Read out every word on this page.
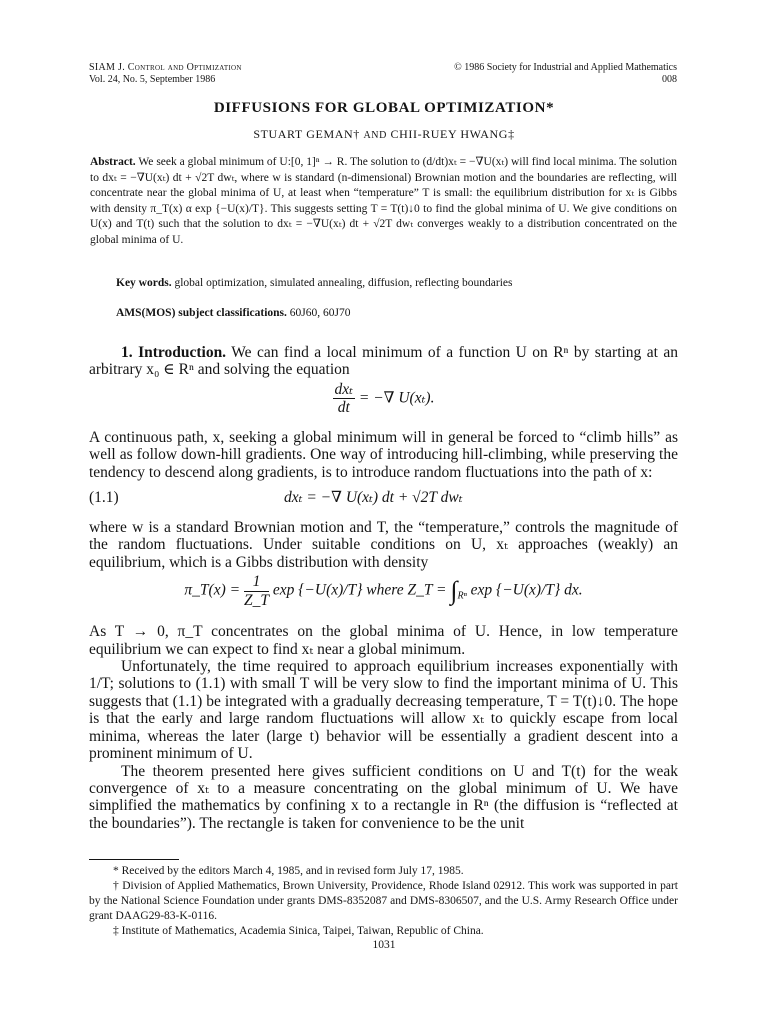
SIAM J. Control and Optimization
Vol. 24, No. 5, September 1986
© 1986 Society for Industrial and Applied Mathematics
008
DIFFUSIONS FOR GLOBAL OPTIMIZATION*
STUART GEMAN† AND CHII-RUEY HWANG‡
Abstract. We seek a global minimum of U:[0, 1]ⁿ → R. The solution to (d/dt)xₜ = −∇U(xₜ) will find local minima. The solution to dxₜ = −∇U(xₜ) dt + √2T dwₜ, where w is standard (n-dimensional) Brownian motion and the boundaries are reflecting, will concentrate near the global minima of U, at least when “temperature” T is small: the equilibrium distribution for xₜ is Gibbs with density π_T(x) α exp {−U(x)/T}. This suggests setting T = T(t)↓0 to find the global minima of U. We give conditions on U(x) and T(t) such that the solution to dxₜ = −∇U(xₜ) dt + √2T dwₜ converges weakly to a distribution concentrated on the global minima of U.
Key words. global optimization, simulated annealing, diffusion, reflecting boundaries
AMS(MOS) subject classifications. 60J60, 60J70

1. Introduction. We can find a local minimum of a function U on Rⁿ by starting at an arbitrary x₀ ∈ Rⁿ and solving the equation

$\frac{\text{dxₜ}}{dt}$ = −∇ U(xₜ).

A continuous path, x, seeking a global minimum will in general be forced to “climb hills” as well as follow down-hill gradients. One way of introducing hill-climbing, while preserving the tendency to descend along gradients, is to introduce random fluctuations into the path of x:

(1.1)	dxₜ = −∇ U(xₜ) dt + √2T dwₜ

where w is a standard Brownian motion and T, the “temperature,” controls the magnitude of the random fluctuations. Under suitable conditions on U, xₜ approaches (weakly) an equilibrium, which is a Gibbs distribution with density

π_T(x) = $\frac{1}{Z\_T}$ exp {−U(x)/T} where Z_T = $\int_{R^n}$ exp {−U(x)/T} dx.

As T → 0, π_T concentrates on the global minima of U. Hence, in low temperature equilibrium we can expect to find xₜ near a global minimum.

Unfortunately, the time required to approach equilibrium increases exponentially with 1/T; solutions to (1.1) with small T will be very slow to find the important minima of U. This suggests that (1.1) be integrated with a gradually decreasing temperature, T = T(t)↓0. The hope is that the early and large random fluctuations will allow xₜ to quickly escape from local minima, whereas the later (large t) behavior will be essentially a gradient descent into a prominent minimum of U.

The theorem presented here gives sufficient conditions on U and T(t) for the weak convergence of xₜ to a measure concentrating on the global minimum of U. We have simplified the mathematics by confining x to a rectangle in Rⁿ (the diffusion is “reflected at the boundaries”). The rectangle is taken for convenience to be the unit

* Received by the editors March 4, 1985, and in revised form July 17, 1985.

† Division of Applied Mathematics, Brown University, Providence, Rhode Island 02912. This work was supported in part by the National Science Foundation under grants DMS-8352087 and DMS-8306507, and the U.S. Army Research Office under grant DAAG29-83-K-0116.

‡ Institute of Mathematics, Academia Sinica, Taipei, Taiwan, Republic of China.

1031
